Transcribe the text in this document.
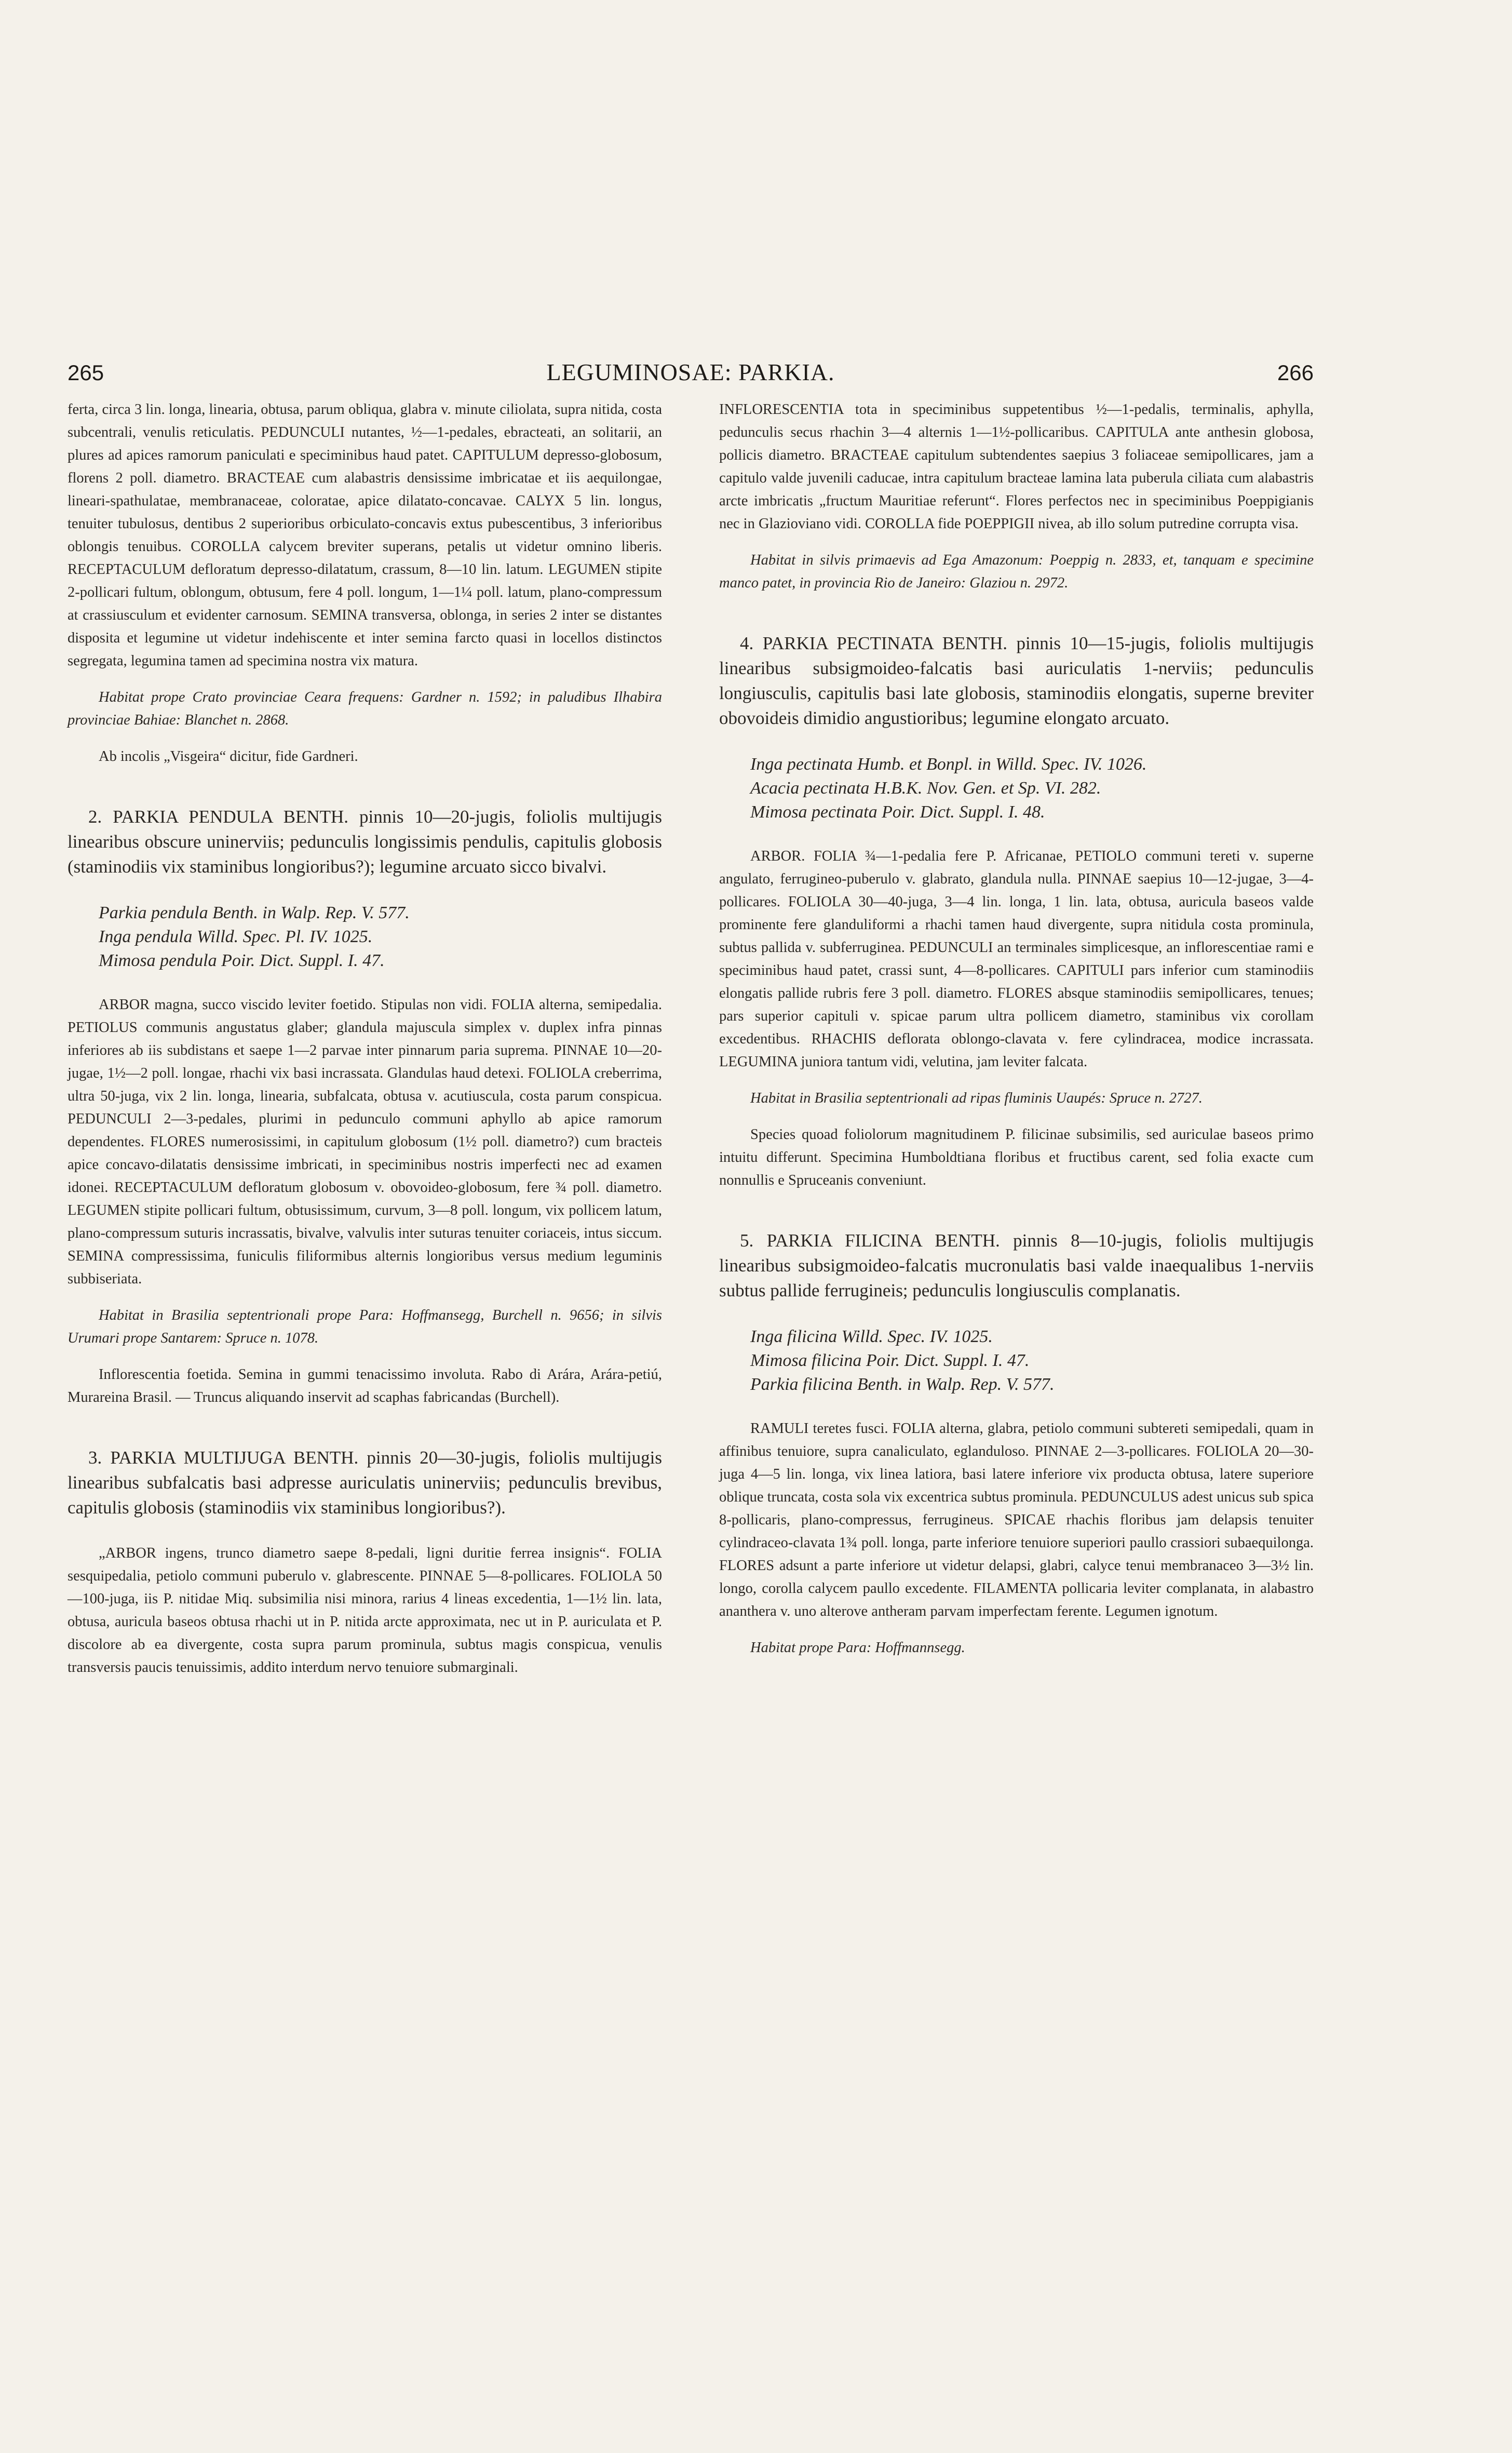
265	LEGUMINOSAE: PARKIA.	266

ferta, circa 3 lin. longa, linearia, obtusa, parum obliqua, glabra v. minute ciliolata, supra nitida, costa subcentrali, venulis reticulatis. PEDUNCULI nutantes, ½—1-pedales, ebracteati, an solitarii, an plures ad apices ramorum paniculati e speciminibus haud patet. CAPITULUM depresso-globosum, florens 2 poll. diametro. BRACTEAE cum alabastris densissime imbricatae et iis aequilongae, lineari-spathulatae, membranaceae, coloratae, apice dilatato-concavae. CALYX 5 lin. longus, tenuiter tubulosus, dentibus 2 superioribus orbiculato-concavis extus pubescentibus, 3 inferioribus oblongis tenuibus. COROLLA calycem breviter superans, petalis ut videtur omnino liberis. RECEPTACULUM defloratum depresso-dilatatum, crassum, 8—10 lin. latum. LEGUMEN stipite 2-pollicari fultum, oblongum, obtusum, fere 4 poll. longum, 1—1¼ poll. latum, plano-compressum at crassiusculum et evidenter carnosum. SEMINA transversa, oblonga, in series 2 inter se distantes disposita et legumine ut videtur indehiscente et inter semina farcto quasi in locellos distinctos segregata, legumina tamen ad specimina nostra vix matura.

Habitat prope Crato provinciae Ceara frequens: Gardner n. 1592; in paludibus Ilhabira provinciae Bahiae: Blanchet n. 2868.

Ab incolis „Visgeira“ dicitur, fide Gardneri.

2. PARKIA PENDULA BENTH. pinnis 10—20-jugis, foliolis multijugis linearibus obscure uninerviis; pedunculis longissimis pendulis, capitulis globosis (staminodiis vix staminibus longioribus?); legumine arcuato sicco bivalvi.

Parkia pendula Benth. in Walp. Rep. V. 577.
Inga pendula Willd. Spec. Pl. IV. 1025.
Mimosa pendula Poir. Dict. Suppl. I. 47.

ARBOR magna, succo viscido leviter foetido. Stipulas non vidi. FOLIA alterna, semipedalia. PETIOLUS communis angustatus glaber; glandula majuscula simplex v. duplex infra pinnas inferiores ab iis subdistans et saepe 1—2 parvae inter pinnarum paria suprema. PINNAE 10—20-jugae, 1½—2 poll. longae, rhachi vix basi incrassata. Glandulas haud detexi. FOLIOLA creberrima, ultra 50-juga, vix 2 lin. longa, linearia, subfalcata, obtusa v. acutiuscula, costa parum conspicua. PEDUNCULI 2—3-pedales, plurimi in pedunculo communi aphyllo ab apice ramorum dependentes. FLORES numerosissimi, in capitulum globosum (1½ poll. diametro?) cum bracteis apice concavo-dilatatis densissime imbricati, in speciminibus nostris imperfecti nec ad examen idonei. RECEPTACULUM defloratum globosum v. obovoideo-globosum, fere ¾ poll. diametro. LEGUMEN stipite pollicari fultum, obtusissimum, curvum, 3—8 poll. longum, vix pollicem latum, plano-compressum suturis incrassatis, bivalve, valvulis inter suturas tenuiter coriaceis, intus siccum. SEMINA compressissima, funiculis filiformibus alternis longioribus versus medium leguminis subbiseriata.

Habitat in Brasilia septentrionali prope Para: Hoffmansegg, Burchell n. 9656; in silvis Urumari prope Santarem: Spruce n. 1078.

Inflorescentia foetida. Semina in gummi tenacissimo involuta. Rabo di Arára, Arára-petiú, Murareina Brasil. — Truncus aliquando inservit ad scaphas fabricandas (Burchell).

3. PARKIA MULTIJUGA BENTH. pinnis 20—30-jugis, foliolis multijugis linearibus subfalcatis basi adpresse auriculatis uninerviis; pedunculis brevibus, capitulis globosis (staminodiis vix staminibus longioribus?).

„ARBOR ingens, trunco diametro saepe 8-pedali, ligni duritie ferrea insignis“. FOLIA sesquipedalia, petiolo communi puberulo v. glabrescente. PINNAE 5—8-pollicares. FOLIOLA 50—100-juga, iis P. nitidae Miq. subsimilia nisi minora, rarius 4 lineas excedentia, 1—1½ lin. lata, obtusa, auricula baseos obtusa rhachi ut in P. nitida arcte approximata, nec ut in P. auriculata et P. discolore ab ea divergente, costa supra parum prominula, subtus magis conspicua, venulis transversis paucis tenuissimis, addito interdum nervo tenuiore submarginali.

INFLORESCENTIA tota in speciminibus suppetentibus ½—1-pedalis, terminalis, aphylla, pedunculis secus rhachin 3—4 alternis 1—1½-pollicaribus. CAPITULA ante anthesin globosa, pollicis diametro. BRACTEAE capitulum subtendentes saepius 3 foliaceae semipollicares, jam a capitulo valde juvenili caducae, intra capitulum bracteae lamina lata puberula ciliata cum alabastris arcte imbricatis „fructum Mauritiae referunt“. Flores perfectos nec in speciminibus Poeppigianis nec in Glazioviano vidi. COROLLA fide POEPPIGII nivea, ab illo solum putredine corrupta visa.

Habitat in silvis primaevis ad Ega Amazonum: Poeppig n. 2833, et, tanquam e specimine manco patet, in provincia Rio de Janeiro: Glaziou n. 2972.

4. PARKIA PECTINATA BENTH. pinnis 10—15-jugis, foliolis multijugis linearibus subsigmoideo-falcatis basi auriculatis 1-nerviis; pedunculis longiusculis, capitulis basi late globosis, staminodiis elongatis, superne breviter obovoideis dimidio angustioribus; legumine elongato arcuato.

Inga pectinata Humb. et Bonpl. in Willd. Spec. IV. 1026.
Acacia pectinata H.B.K. Nov. Gen. et Sp. VI. 282.
Mimosa pectinata Poir. Dict. Suppl. I. 48.

ARBOR. FOLIA ¾—1-pedalia fere P. Africanae, PETIOLO communi tereti v. superne angulato, ferrugineo-puberulo v. glabrato, glandula nulla. PINNAE saepius 10—12-jugae, 3—4-pollicares. FOLIOLA 30—40-juga, 3—4 lin. longa, 1 lin. lata, obtusa, auricula baseos valde prominente fere glanduliformi a rhachi tamen haud divergente, supra nitidula costa prominula, subtus pallida v. subferruginea. PEDUNCULI an terminales simplicesque, an inflorescentiae rami e speciminibus haud patet, crassi sunt, 4—8-pollicares. CAPITULI pars inferior cum staminodiis elongatis pallide rubris fere 3 poll. diametro. FLORES absque staminodiis semipollicares, tenues; pars superior capituli v. spicae parum ultra pollicem diametro, staminibus vix corollam excedentibus. RHACHIS deflorata oblongo-clavata v. fere cylindracea, modice incrassata. LEGUMINA juniora tantum vidi, velutina, jam leviter falcata.

Habitat in Brasilia septentrionali ad ripas fluminis Uaupés: Spruce n. 2727.

Species quoad foliolorum magnitudinem P. filicinae subsimilis, sed auriculae baseos primo intuitu differunt. Specimina Humboldtiana floribus et fructibus carent, sed folia exacte cum nonnullis e Spruceanis conveniunt.

5. PARKIA FILICINA BENTH. pinnis 8—10-jugis, foliolis multijugis linearibus subsigmoideo-falcatis mucronulatis basi valde inaequalibus 1-nerviis subtus pallide ferrugineis; pedunculis longiusculis complanatis.

Inga filicina Willd. Spec. IV. 1025.
Mimosa filicina Poir. Dict. Suppl. I. 47.
Parkia filicina Benth. in Walp. Rep. V. 577.

RAMULI teretes fusci. FOLIA alterna, glabra, petiolo communi subtereti semipedali, quam in affinibus tenuiore, supra canaliculato, eglanduloso. PINNAE 2—3-pollicares. FOLIOLA 20—30-juga 4—5 lin. longa, vix linea latiora, basi latere inferiore vix producta obtusa, latere superiore oblique truncata, costa sola vix excentrica subtus prominula. PEDUNCULUS adest unicus sub spica 8-pollicaris, plano-compressus, ferrugineus. SPICAE rhachis floribus jam delapsis tenuiter cylindraceo-clavata 1¾ poll. longa, parte inferiore tenuiore superiori paullo crassiori subaequilonga. FLORES adsunt a parte inferiore ut videtur delapsi, glabri, calyce tenui membranaceo 3—3½ lin. longo, corolla calycem paullo excedente. FILAMENTA pollicaria leviter complanata, in alabastro ananthera v. uno alterove antheram parvam imperfectam ferente. Legumen ignotum.

Habitat prope Para: Hoffmannsegg.
